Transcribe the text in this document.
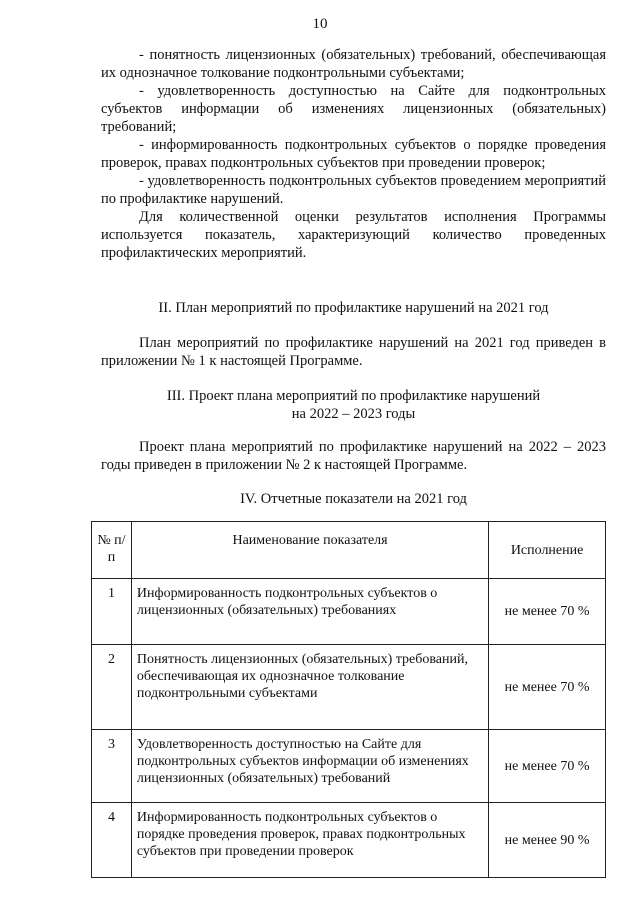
10

- понятность лицензионных (обязательных) требований, обеспечивающая их однозначное толкование подконтрольными субъектами;

- удовлетворенность доступностью на Сайте для подконтрольных субъектов информации об изменениях лицензионных (обязательных) требований;

- информированность подконтрольных субъектов о порядке проведения проверок, правах подконтрольных субъектов при проведении проверок;

- удовлетворенность подконтрольных субъектов проведением мероприятий по профилактике нарушений.

Для количественной оценки результатов исполнения Программы используется показатель, характеризующий количество проведенных профилактических мероприятий.

II. План мероприятий по профилактике нарушений на 2021 год

План мероприятий по профилактике нарушений на 2021 год приведен в приложении № 1 к настоящей Программе.

III. Проект плана мероприятий по профилактике нарушений

на 2022 – 2023 годы

Проект плана мероприятий по профилактике нарушений на 2022 – 2023 годы приведен в приложении № 2 к настоящей Программе.

IV. Отчетные показатели на 2021 год

№ п/п	Наименование показателя	Исполнение
1	Информированность подконтрольных субъектов о лицензионных (обязательных) требованиях	не менее 70 %
2	Понятность лицензионных (обязательных) требований, обеспечивающая их однозначное толкование подконтрольными субъектами	не менее 70 %
3	Удовлетворенность доступностью на Сайте для подконтрольных субъектов информации об изменениях лицензионных (обязательных) требований	не менее 70 %
4	Информированность подконтрольных субъектов о порядке проведения проверок, правах подконтрольных субъектов при проведении проверок	не менее 90 %
